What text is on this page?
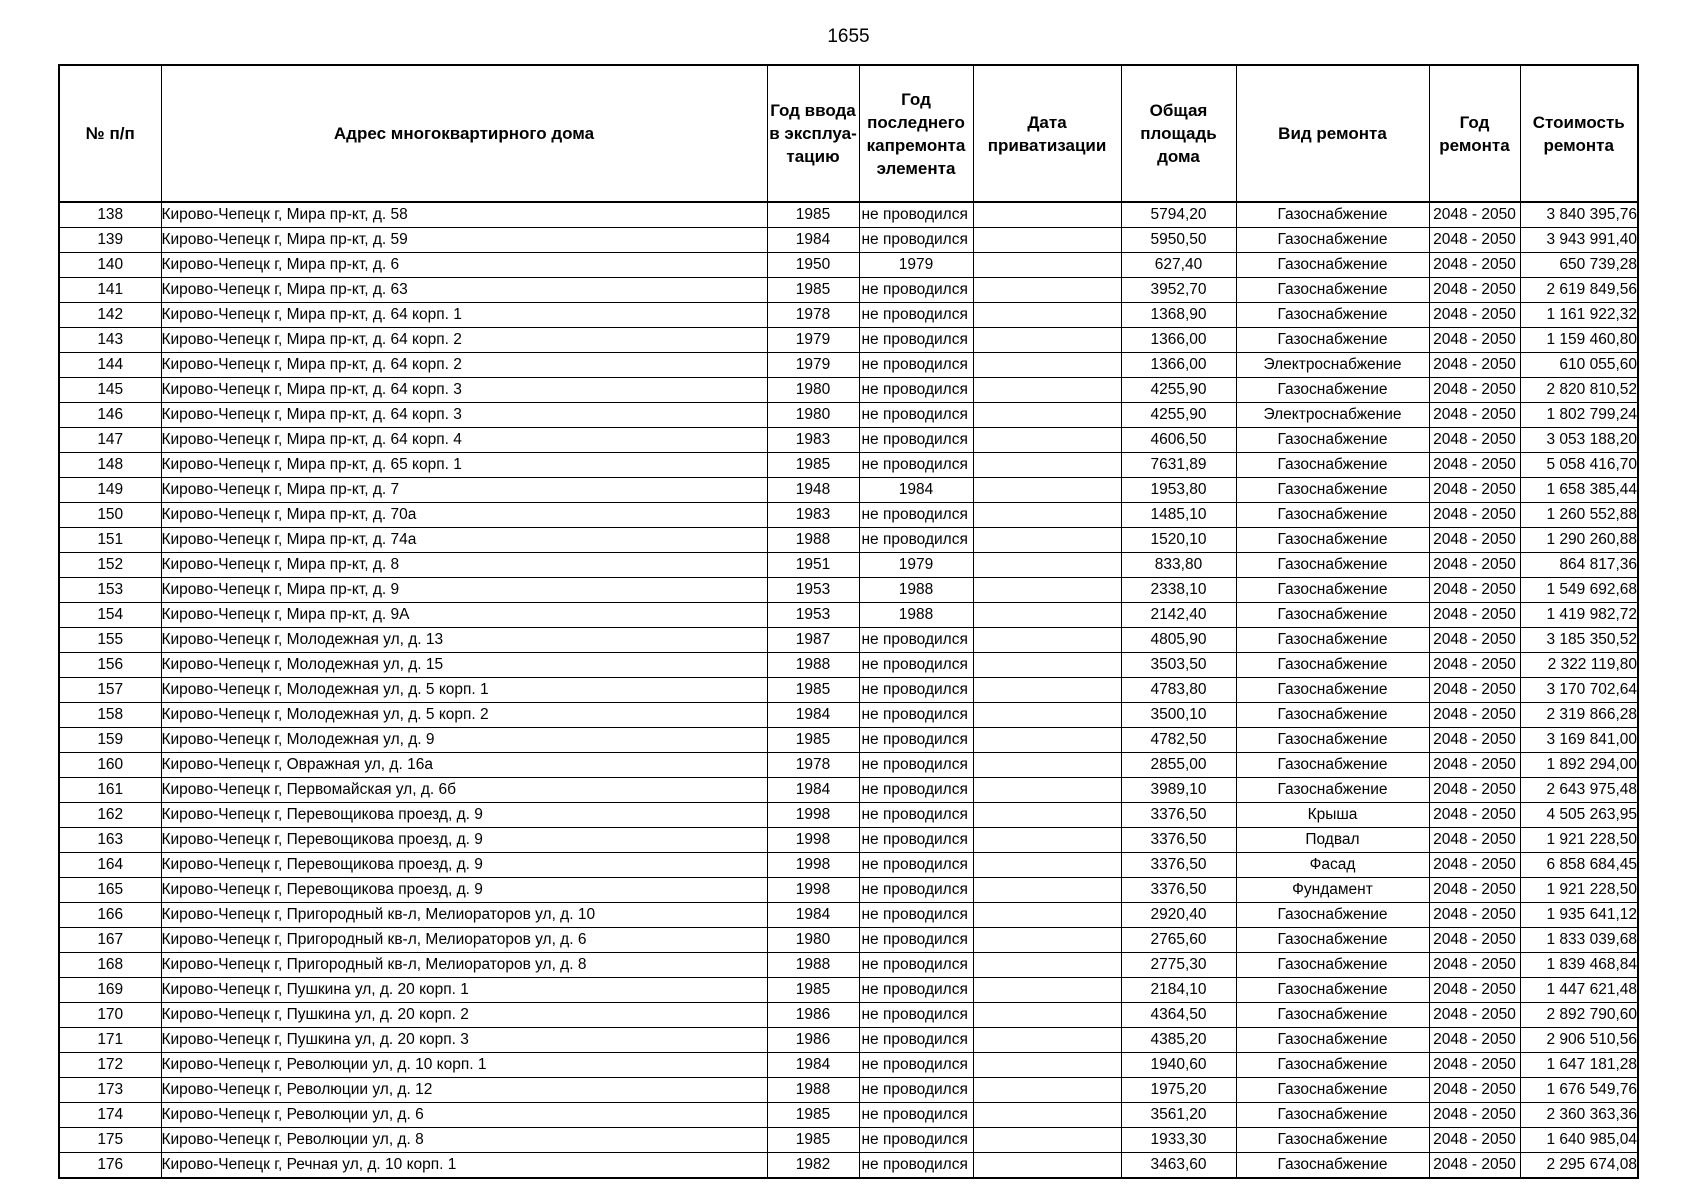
1655
№ п/п	Адрес многоквартирного дома	Год ввода в эксплуа-тацию	Год последнего капремонта элемента	Дата приватизации	Общая площадь дома	Вид ремонта	Год ремонта	Стоимость ремонта
138	Кирово-Чепецк г, Мира пр-кт, д. 58	1985	не проводился		5794,20	Газоснабжение	2048 - 2050	3 840 395,76
139	Кирово-Чепецк г, Мира пр-кт, д. 59	1984	не проводился		5950,50	Газоснабжение	2048 - 2050	3 943 991,40
140	Кирово-Чепецк г, Мира пр-кт, д. 6	1950	1979		627,40	Газоснабжение	2048 - 2050	650 739,28
141	Кирово-Чепецк г, Мира пр-кт, д. 63	1985	не проводился		3952,70	Газоснабжение	2048 - 2050	2 619 849,56
142	Кирово-Чепецк г, Мира пр-кт, д. 64 корп. 1	1978	не проводился		1368,90	Газоснабжение	2048 - 2050	1 161 922,32
143	Кирово-Чепецк г, Мира пр-кт, д. 64 корп. 2	1979	не проводился		1366,00	Газоснабжение	2048 - 2050	1 159 460,80
144	Кирово-Чепецк г, Мира пр-кт, д. 64 корп. 2	1979	не проводился		1366,00	Электроснабжение	2048 - 2050	610 055,60
145	Кирово-Чепецк г, Мира пр-кт, д. 64 корп. 3	1980	не проводился		4255,90	Газоснабжение	2048 - 2050	2 820 810,52
146	Кирово-Чепецк г, Мира пр-кт, д. 64 корп. 3	1980	не проводился		4255,90	Электроснабжение	2048 - 2050	1 802 799,24
147	Кирово-Чепецк г, Мира пр-кт, д. 64 корп. 4	1983	не проводился		4606,50	Газоснабжение	2048 - 2050	3 053 188,20
148	Кирово-Чепецк г, Мира пр-кт, д. 65 корп. 1	1985	не проводился		7631,89	Газоснабжение	2048 - 2050	5 058 416,70
149	Кирово-Чепецк г, Мира пр-кт, д. 7	1948	1984		1953,80	Газоснабжение	2048 - 2050	1 658 385,44
150	Кирово-Чепецк г, Мира пр-кт, д. 70а	1983	не проводился		1485,10	Газоснабжение	2048 - 2050	1 260 552,88
151	Кирово-Чепецк г, Мира пр-кт, д. 74а	1988	не проводился		1520,10	Газоснабжение	2048 - 2050	1 290 260,88
152	Кирово-Чепецк г, Мира пр-кт, д. 8	1951	1979		833,80	Газоснабжение	2048 - 2050	864 817,36
153	Кирово-Чепецк г, Мира пр-кт, д. 9	1953	1988		2338,10	Газоснабжение	2048 - 2050	1 549 692,68
154	Кирово-Чепецк г, Мира пр-кт, д. 9А	1953	1988		2142,40	Газоснабжение	2048 - 2050	1 419 982,72
155	Кирово-Чепецк г, Молодежная ул, д. 13	1987	не проводился		4805,90	Газоснабжение	2048 - 2050	3 185 350,52
156	Кирово-Чепецк г, Молодежная ул, д. 15	1988	не проводился		3503,50	Газоснабжение	2048 - 2050	2 322 119,80
157	Кирово-Чепецк г, Молодежная ул, д. 5 корп. 1	1985	не проводился		4783,80	Газоснабжение	2048 - 2050	3 170 702,64
158	Кирово-Чепецк г, Молодежная ул, д. 5 корп. 2	1984	не проводился		3500,10	Газоснабжение	2048 - 2050	2 319 866,28
159	Кирово-Чепецк г, Молодежная ул, д. 9	1985	не проводился		4782,50	Газоснабжение	2048 - 2050	3 169 841,00
160	Кирово-Чепецк г, Овражная ул, д. 16а	1978	не проводился		2855,00	Газоснабжение	2048 - 2050	1 892 294,00
161	Кирово-Чепецк г, Первомайская ул, д. 6б	1984	не проводился		3989,10	Газоснабжение	2048 - 2050	2 643 975,48
162	Кирово-Чепецк г, Перевощикова проезд, д. 9	1998	не проводился		3376,50	Крыша	2048 - 2050	4 505 263,95
163	Кирово-Чепецк г, Перевощикова проезд, д. 9	1998	не проводился		3376,50	Подвал	2048 - 2050	1 921 228,50
164	Кирово-Чепецк г, Перевощикова проезд, д. 9	1998	не проводился		3376,50	Фасад	2048 - 2050	6 858 684,45
165	Кирово-Чепецк г, Перевощикова проезд, д. 9	1998	не проводился		3376,50	Фундамент	2048 - 2050	1 921 228,50
166	Кирово-Чепецк г, Пригородный кв-л, Мелиораторов ул, д. 10	1984	не проводился		2920,40	Газоснабжение	2048 - 2050	1 935 641,12
167	Кирово-Чепецк г, Пригородный кв-л, Мелиораторов ул, д. 6	1980	не проводился		2765,60	Газоснабжение	2048 - 2050	1 833 039,68
168	Кирово-Чепецк г, Пригородный кв-л, Мелиораторов ул, д. 8	1988	не проводился		2775,30	Газоснабжение	2048 - 2050	1 839 468,84
169	Кирово-Чепецк г, Пушкина ул, д. 20 корп. 1	1985	не проводился		2184,10	Газоснабжение	2048 - 2050	1 447 621,48
170	Кирово-Чепецк г, Пушкина ул, д. 20 корп. 2	1986	не проводился		4364,50	Газоснабжение	2048 - 2050	2 892 790,60
171	Кирово-Чепецк г, Пушкина ул, д. 20 корп. 3	1986	не проводился		4385,20	Газоснабжение	2048 - 2050	2 906 510,56
172	Кирово-Чепецк г, Революции ул, д. 10 корп. 1	1984	не проводился		1940,60	Газоснабжение	2048 - 2050	1 647 181,28
173	Кирово-Чепецк г, Революции ул, д. 12	1988	не проводился		1975,20	Газоснабжение	2048 - 2050	1 676 549,76
174	Кирово-Чепецк г, Революции ул, д. 6	1985	не проводился		3561,20	Газоснабжение	2048 - 2050	2 360 363,36
175	Кирово-Чепецк г, Революции ул, д. 8	1985	не проводился		1933,30	Газоснабжение	2048 - 2050	1 640 985,04
176	Кирово-Чепецк г, Речная ул, д. 10 корп. 1	1982	не проводился		3463,60	Газоснабжение	2048 - 2050	2 295 674,08
